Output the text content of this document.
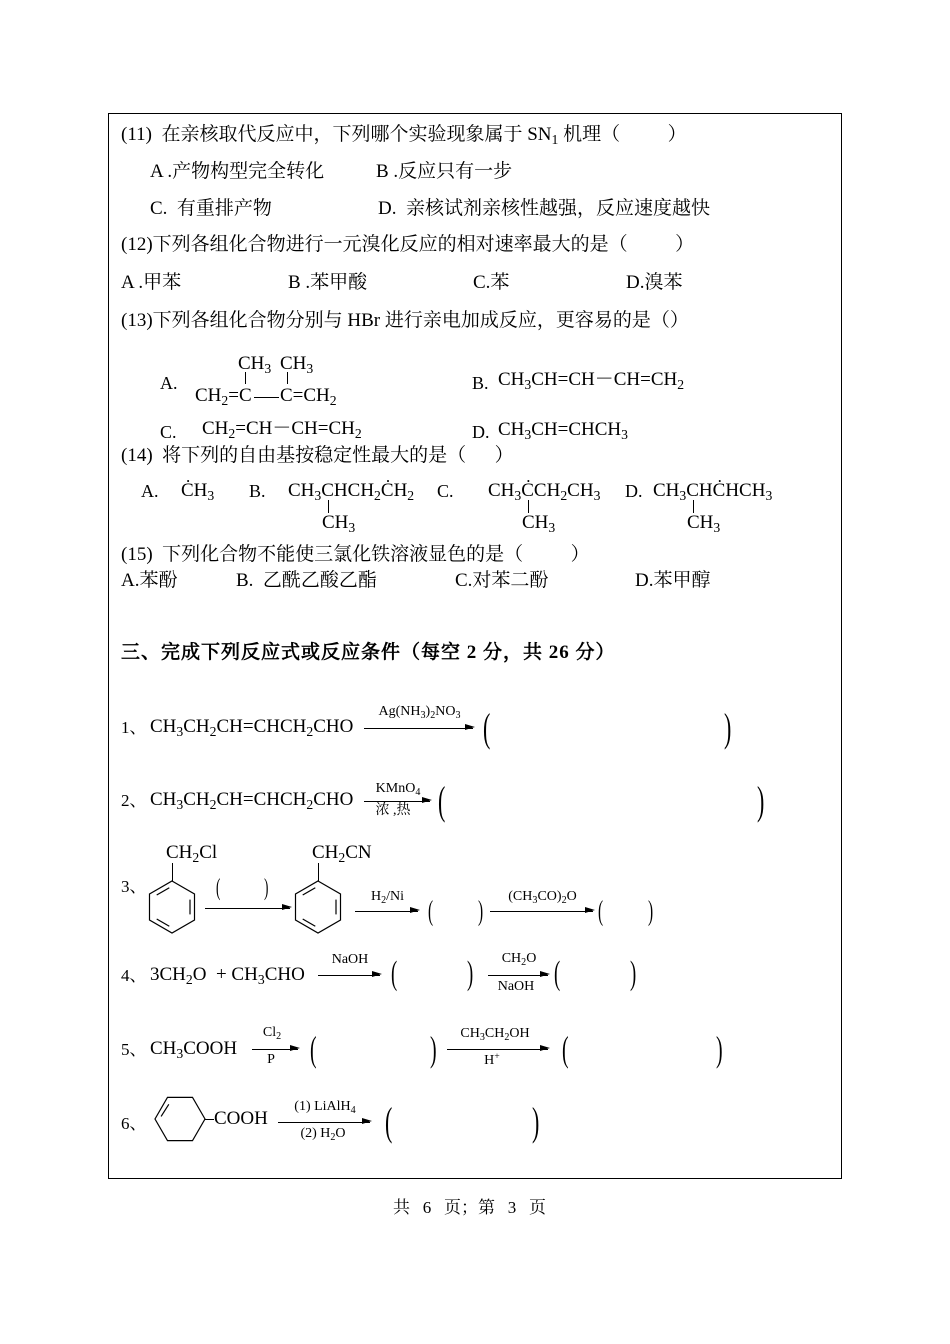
(11)  在亲核取代反应中，下列哪个实验现象属于 $SN_1$ 机理（          ）
A .产物构型完全转化	B .反应只有一步
C.  有重排产物	D.  亲核试剂亲核性越强，反应速度越快
(12)下列各组化合物进行一元溴化反应的相对速率最大的是（          ）
A .甲苯	B .苯甲酸	C.苯	D.溴苯
(13)下列各组化合物分别与 HBr 进行亲电加成反应，更容易的是（）
A.
$CH_3$ $CH_3$
$CH_2=C$ $C=CH_2$
B. $CH_3CH=CH-CH=CH_2$
C. $CH_2=CH-CH=CH_2$	D. $CH_3CH=CHCH_3$
(14)  将下列的自由基按稳定性最大的是（      ）
A. $ĊH_3$ B. $CH_3CHCH_2ĊH_2$
$CH_3$
C. $CH_3ĊCH_2CH_3$
$CH_3$
D. $CH_3CHĊHCH_3$
$CH_3$
(15)  下列化合物不能使三氯化铁溶液显色的是（          ）
A.苯酚	B.  乙酰乙酸乙酯	C.对苯二酚	D.苯甲醇
三、完成下列反应式或反应条件（每空 2 分，共 26 分）
1、 $CH_3CH_2CH=CHCH_2CHO$
$Ag(NH_3)_2NO_3$ (	)
2、 $CH_3CH_2CH=CHCH_2CHO$
KMnO$_4$
浓 ,热 (	)
3、
$CH_2Cl$
( )
$CH_2CN$
$H_2/Ni$ → ( )	$(CH_3CO)_2O$ ( )
4、 $3CH_2O + CH_3CHO$
NaOH → ( )	$CH_2O$
NaOH ( )
5、 $CH_3COOH$
$Cl_2$
P (	)	$CH_3CH_2OH$
H+	(	)
6、	COOH
(1) LiAlH$_4$
(2) $H_2O$ (	)
共   6   页；第   3   页
